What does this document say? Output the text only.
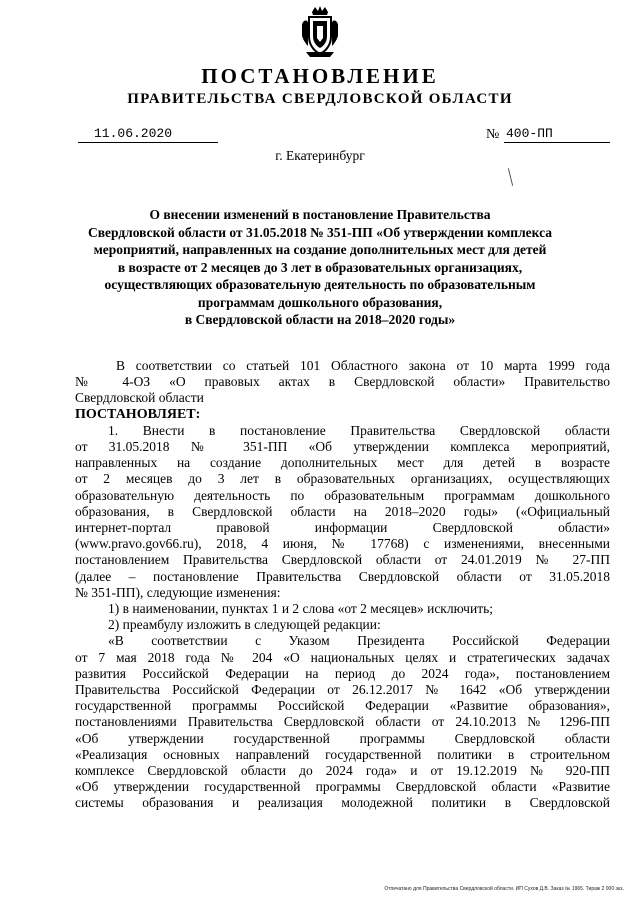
ПОСТАНОВЛЕНИЕ
ПРАВИТЕЛЬСТВА СВЕРДЛОВСКОЙ ОБЛАСТИ
11.06.2020	№ 400-ПП
г. Екатеринбург
О внесении изменений в постановление Правительства
Свердловской области от 31.05.2018 № 351-ПП «Об утверждении комплекса
мероприятий, направленных на создание дополнительных мест для детей
в возрасте от 2 месяцев до 3 лет в образовательных организациях,
осуществляющих образовательную деятельность по образовательным
программам дошкольного образования,
в Свердловской области на 2018–2020 годы»
В соответствии со статьей 101 Областного закона от 10 марта 1999 года
№ 4-ОЗ «О правовых актах в Свердловской области» Правительство
Свердловской области
ПОСТАНОВЛЯЕТ:
1. Внести в постановление Правительства Свердловской области
от 31.05.2018 № 351-ПП «Об утверждении комплекса мероприятий,
направленных на создание дополнительных мест для детей в возрасте
от 2 месяцев до 3 лет в образовательных организациях, осуществляющих
образовательную деятельность по образовательным программам дошкольного
образования, в Свердловской области на 2018–2020 годы» («Официальный
интернет-портал правовой информации Свердловской области»
(www.pravo.gov66.ru), 2018, 4 июня, № 17768) с изменениями, внесенными
постановлением Правительства Свердловской области от 24.01.2019 № 27-ПП
(далее – постановление Правительства Свердловской области от 31.05.2018
№ 351-ПП), следующие изменения:
1) в наименовании, пунктах 1 и 2 слова «от 2 месяцев» исключить;
2) преамбулу изложить в следующей редакции:
«В соответствии с Указом Президента Российской Федерации
от 7 мая 2018 года № 204 «О национальных целях и стратегических задачах
развития Российской Федерации на период до 2024 года», постановлением
Правительства Российской Федерации от 26.12.2017 № 1642 «Об утверждении
государственной программы Российской Федерации «Развитие образования»,
постановлениями Правительства Свердловской области от 24.10.2013 № 1296-ПП
«Об утверждении государственной программы Свердловской области
«Реализация основных направлений государственной политики в строительном
комплексе Свердловской области до 2024 года» и от 19.12.2019 № 920-ПП
«Об утверждении государственной программы Свердловской области «Развитие
системы образования и реализация молодежной политики в Свердловской
Отпечатано для Правительства Свердловской области. ИП Сухов Д.В. Заказ № 1965. Тираж 2 000 экз.
